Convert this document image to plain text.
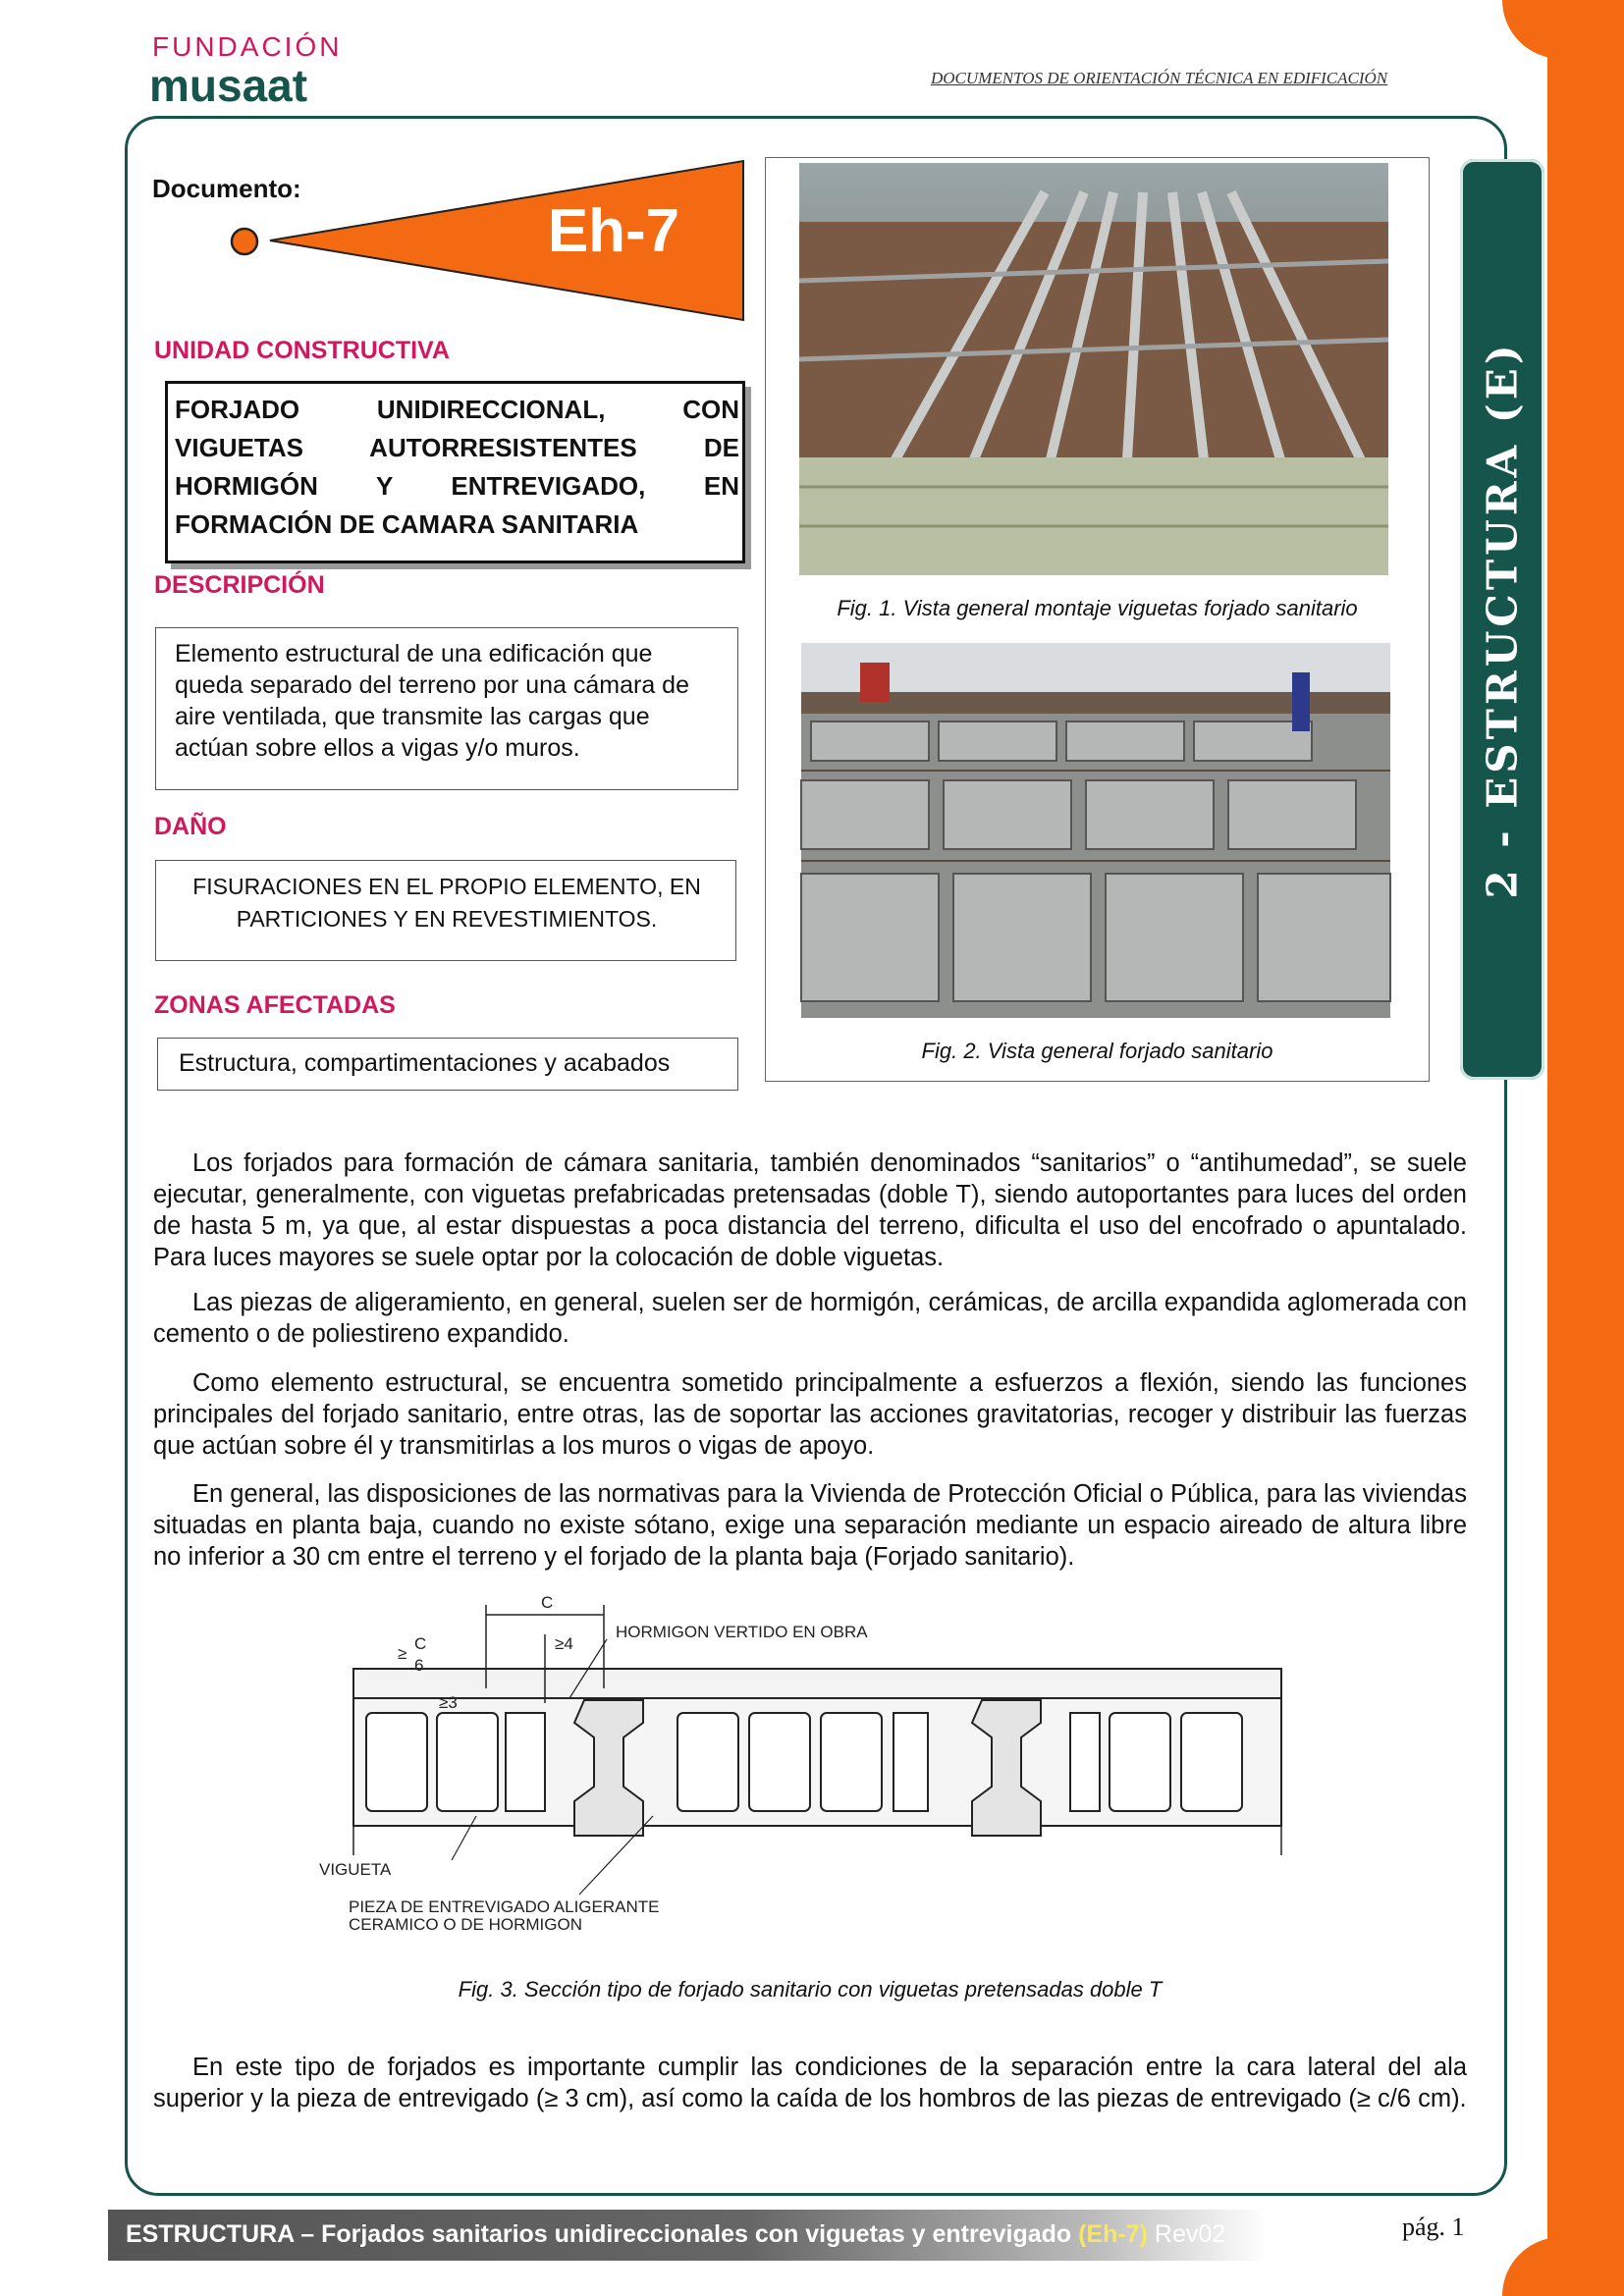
FUNDACIÓN
musaat	DOCUMENTOS DE ORIENTACIÓN TÉCNICA EN EDIFICACIÓN
2 - ESTRUCTURA (E)
Documento:
Eh-7
UNIDAD CONSTRUCTIVA
FORJADO UNIDIRECCIONAL, CON
VIGUETAS AUTORRESISTENTES DE
HORMIGÓN Y ENTREVIGADO, EN
FORMACIÓN DE CAMARA SANITARIA
DESCRIPCIÓN
Elemento estructural de una edificación que queda separado del terreno por una cámara de aire ventilada, que transmite las cargas que actúan sobre ellos a vigas y/o muros.
DAÑO
FISURACIONES EN EL PROPIO ELEMENTO, EN PARTICIONES Y EN REVESTIMIENTOS.
ZONAS AFECTADAS
Estructura, compartimentaciones y acabados
Fig. 1. Vista general montaje viguetas forjado sanitario
Fig. 2. Vista general forjado sanitario
Los forjados para formación de cámara sanitaria, también denominados “sanitarios” o “antihumedad”, se suele ejecutar, generalmente, con viguetas prefabricadas pretensadas (doble T), siendo autoportantes para luces del orden de hasta 5 m, ya que, al estar dispuestas a poca distancia del terreno, dificulta el uso del encofrado o apuntalado. Para luces mayores se suele optar por la colocación de doble viguetas.
Las piezas de aligeramiento, en general, suelen ser de hormigón, cerámicas, de arcilla expandida aglomerada con cemento o de poliestireno expandido.
Como elemento estructural, se encuentra sometido principalmente a esfuerzos a flexión, siendo las funciones principales del forjado sanitario, entre otras, las de soportar las acciones gravitatorias, recoger y distribuir las fuerzas que actúan sobre él y transmitirlas a los muros o vigas de apoyo.
En general, las disposiciones de las normativas para la Vivienda de Protección Oficial o Pública, para las viviendas situadas en planta baja, cuando no existe sótano, exige una separación mediante un espacio aireado de altura libre no inferior a 30 cm entre el terreno y el forjado de la planta baja (Forjado sanitario).
C
≥
C
6
≥4
≥3
HORMIGON VERTIDO EN OBRA
VIGUETA
PIEZA DE ENTREVIGADO ALIGERANTE
CERAMICO O DE HORMIGON
Fig. 3. Sección tipo de forjado sanitario con viguetas pretensadas doble T
En este tipo de forjados es importante cumplir las condiciones de la separación entre la cara lateral del ala superior y la pieza de entrevigado (≥ 3 cm), así como la caída de los hombros de las piezas de entrevigado (≥ c/6 cm).
ESTRUCTURA – Forjados sanitarios unidireccionales con viguetas y entrevigado (Eh-7) Rev02	pág. 1
